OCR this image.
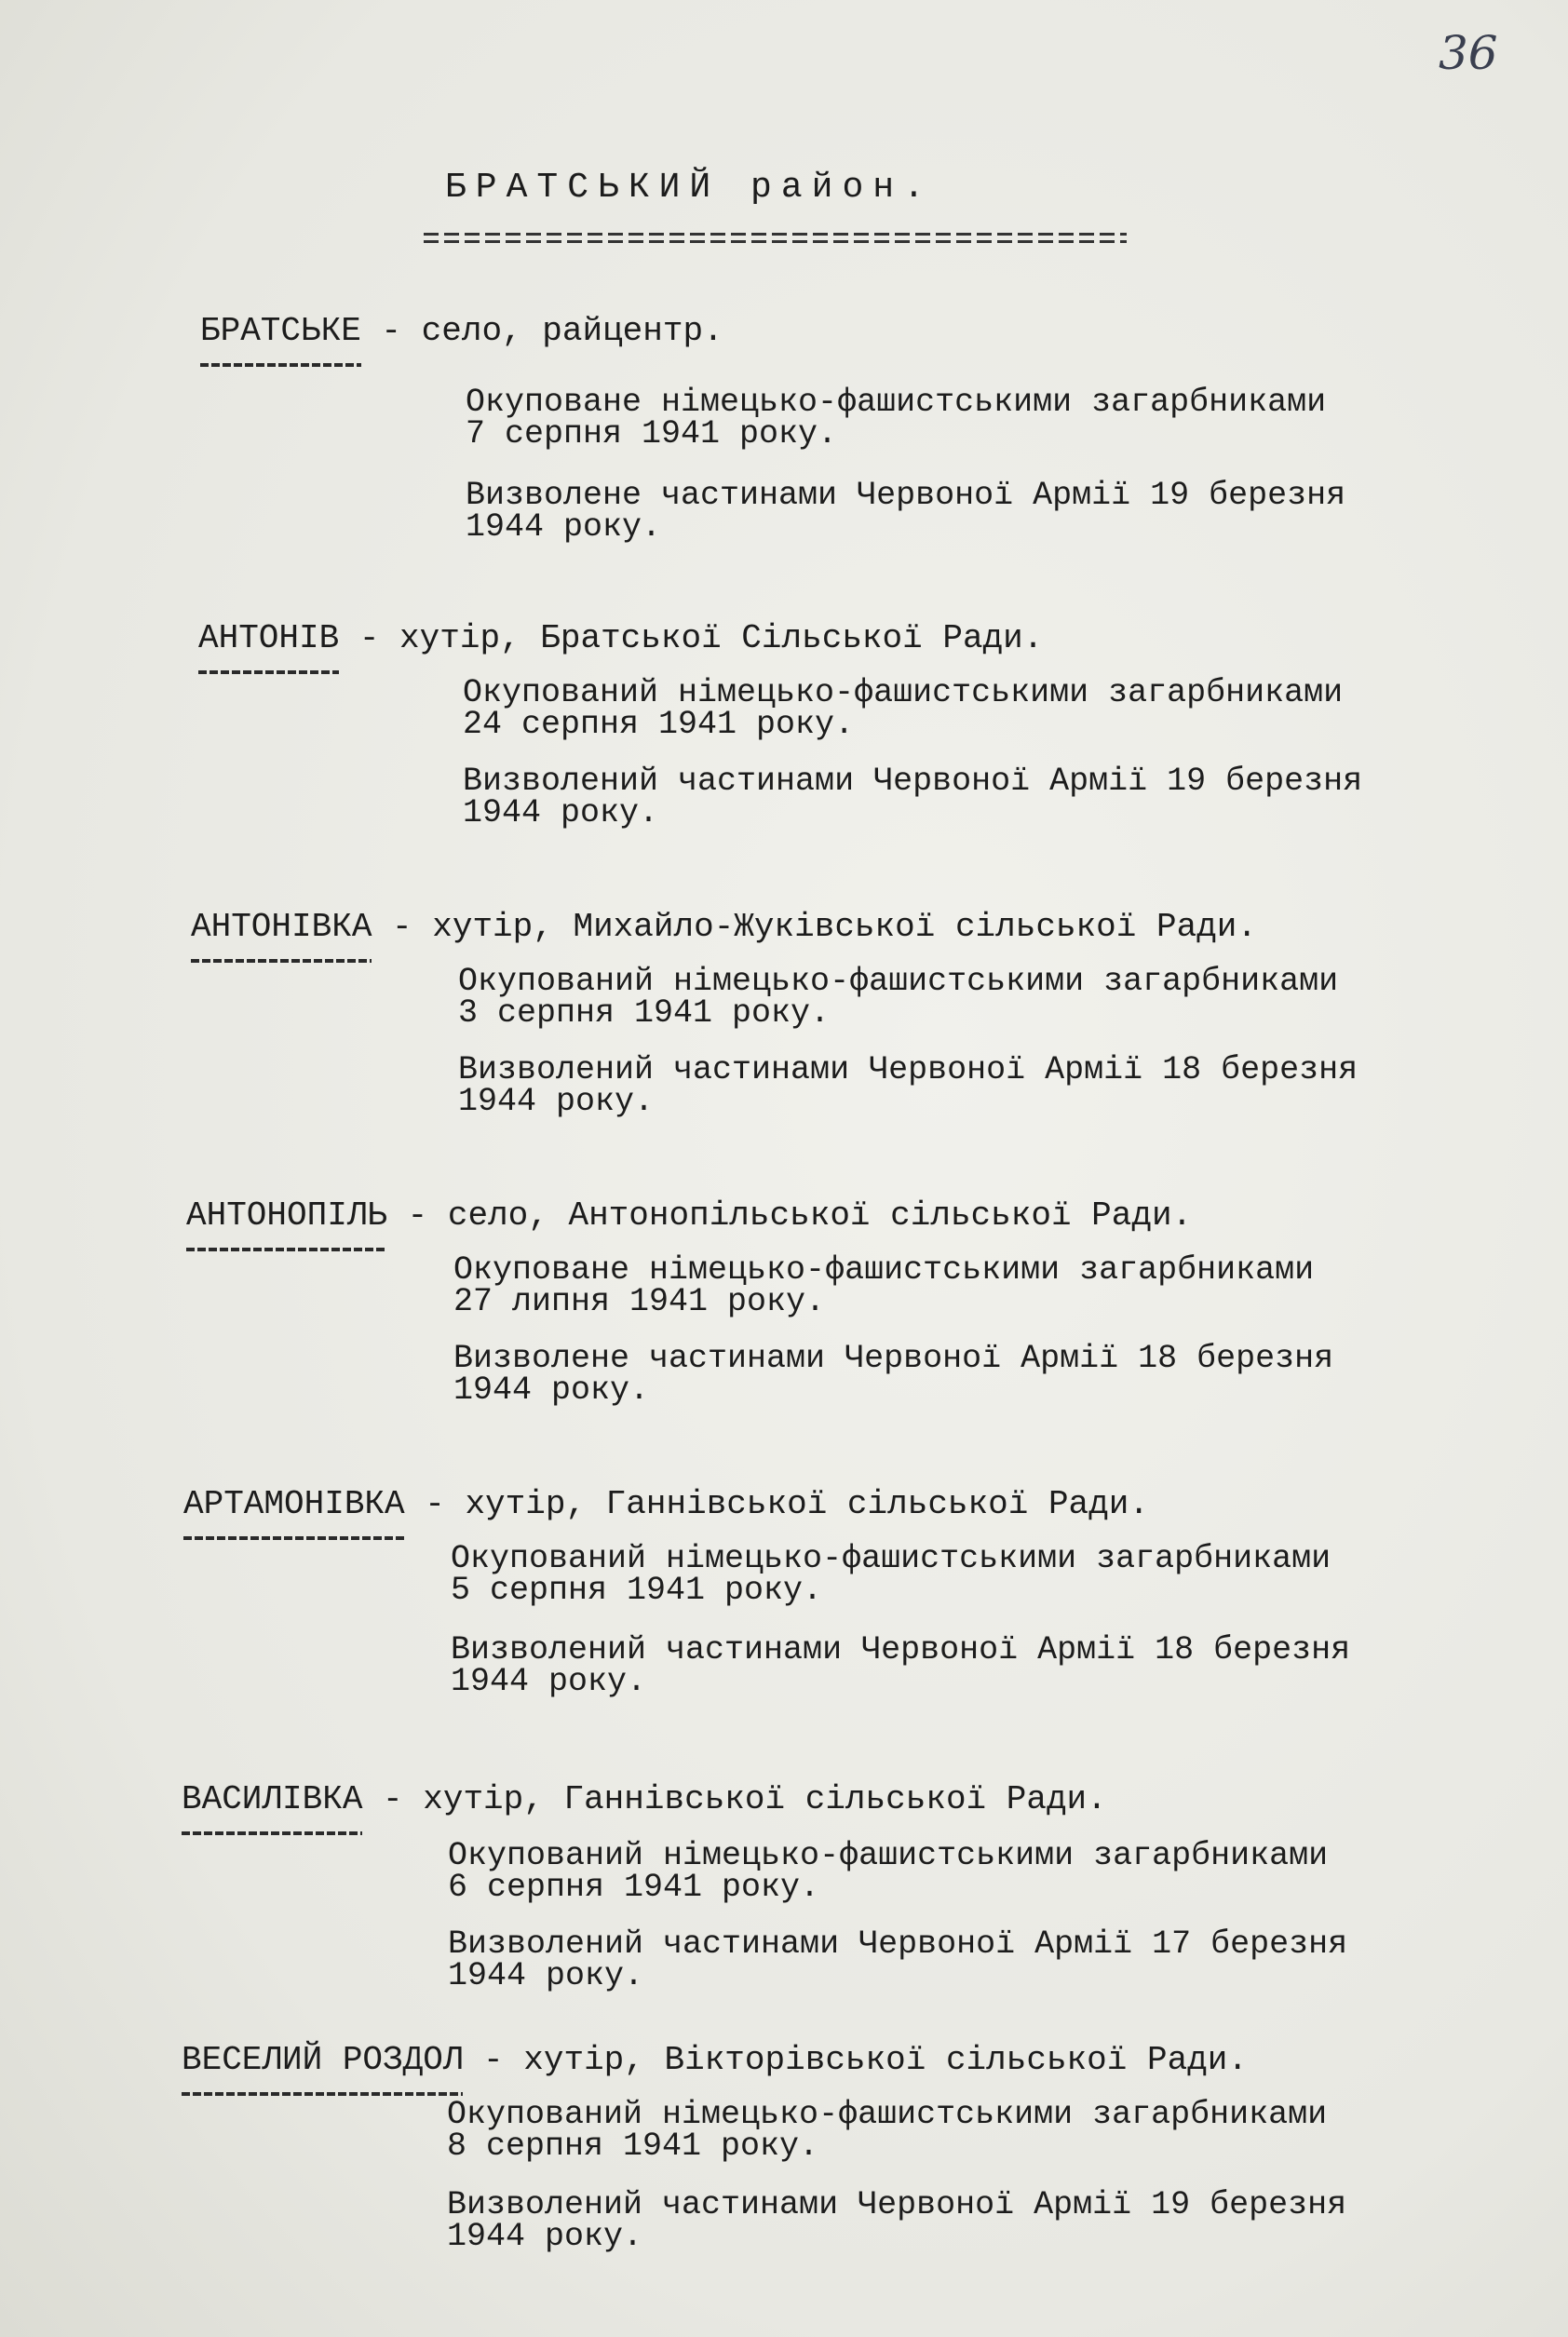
36
БРАТСЬКИЙ район.
БРАТСЬКЕ - село, райцентр.
Окуповане німецько-фашистськими загарбниками
7 серпня 1941 року.
Визволене частинами Червоної Армії 19 березня
1944 року.
АНТОНІВ - хутір, Братської Сільської Ради.
Окупований німецько-фашистськими загарбниками
24 серпня 1941 року.
Визволений частинами Червоної Армії 19 березня
1944 року.
АНТОНІВКА - хутір, Михайло-Жуківської сільської Ради.
Окупований німецько-фашистськими загарбниками
3 серпня 1941 року.
Визволений частинами Червоної Армії 18 березня
1944 року.
АНТОНОПІЛЬ - село, Антонопільської сільської Ради.
Окуповане німецько-фашистськими загарбниками
27 липня 1941 року.
Визволене частинами Червоної Армії 18 березня
1944 року.
АРТАМОНІВКА - хутір, Ганнівської сільської Ради.
Окупований німецько-фашистськими загарбниками
5 серпня 1941 року.
Визволений частинами Червоної Армії 18 березня
1944 року.
ВАСИЛІВКА - хутір, Ганнівської сільської Ради.
Окупований німецько-фашистськими загарбниками
6 серпня 1941 року.
Визволений частинами Червоної Армії 17 березня
1944 року.
ВЕСЕЛИЙ РОЗДОЛ - хутір, Вікторівської сільської Ради.
Окупований німецько-фашистськими загарбниками
8 серпня 1941 року.
Визволений частинами Червоної Армії 19 березня
1944 року.
